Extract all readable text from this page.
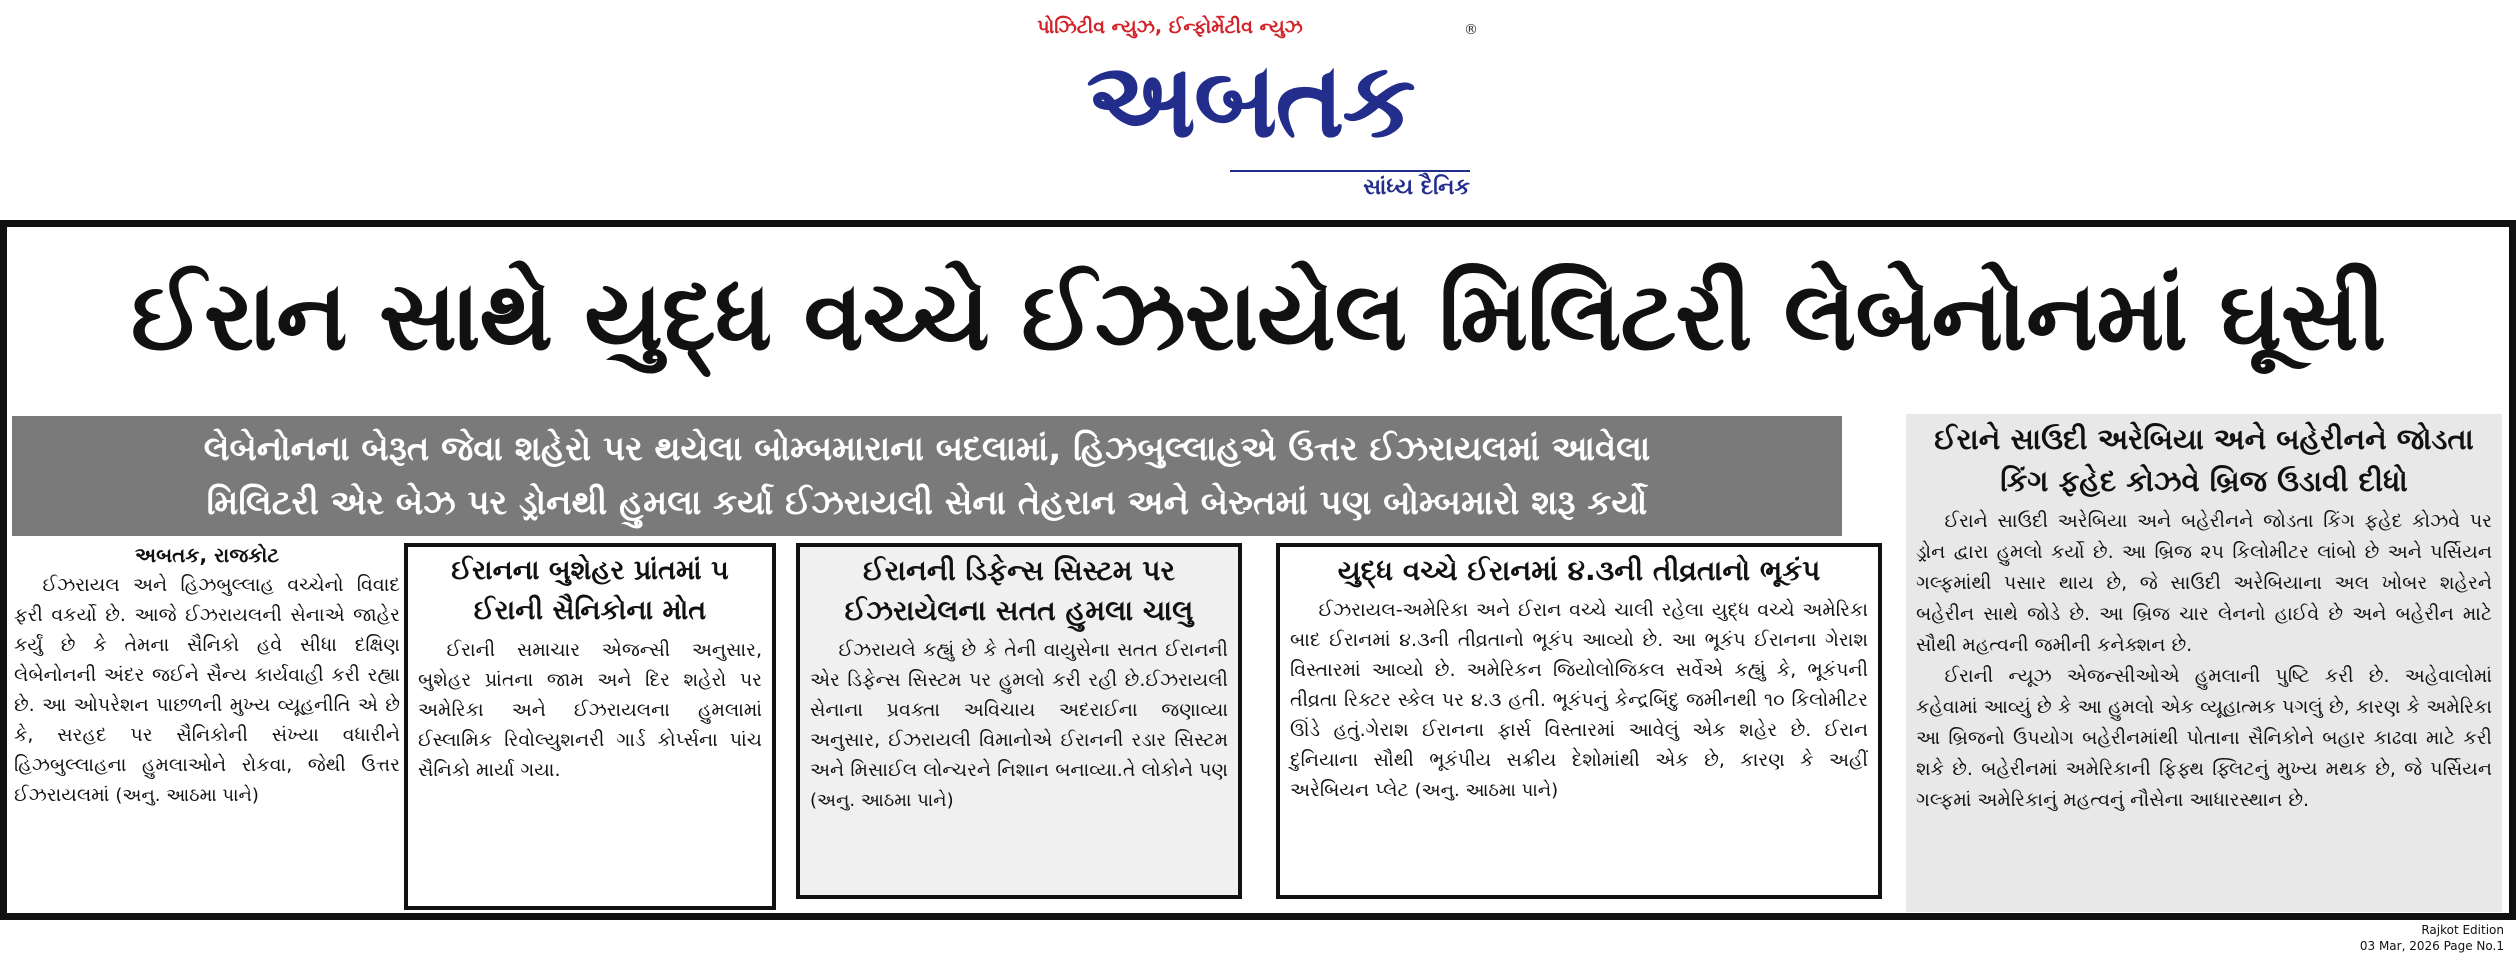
પોઝિટીવ ન્યુઝ, ઈન્ફોર્મેટીવ ન્યુઝ	®
અબતક
સાંધ્ય દૈનિક
ઈરાન સાથે યુદ્ધ વચ્ચે ઈઝરાયેલ મિલિટરી લેબેનોનમાં ઘૂસી
લેબેનોનના બેરૂત જેવા શહેરો પર થયેલા બોમ્બમારાના બદલામાં, હિઝબુલ્લાહએ ઉત્તર ઈઝરાયલમાં આવેલા
મિલિટરી એર બેઝ પર ડ્રોનથી હુમલા કર્યા ઈઝરાયલી સેના તેહરાન અને બેરુતમાં પણ બોમ્બમારો શરૂ કર્યો
અબતક, રાજકોટ

ઈઝરાયલ અને હિઝબુલ્લાહ વચ્ચેનો વિવાદ ફરી વકર્યો છે. આજે ઈઝરાયલની સેનાએ જાહેર કર્યું છે કે તેમના સૈનિકો હવે સીધા દક્ષિણ લેબેનોનની અંદર જઈને સૈન્ય કાર્યવાહી કરી રહ્યા છે. આ ઓપરેશન પાછળની મુખ્ય વ્યૂહનીતિ એ છે કે, સરહદ પર સૈનિકોની સંખ્યા વધારીને હિઝબુલ્લાહના હુમલાઓને રોકવા, જેથી ઉત્તર ઈઝરાયલમાં (અનુ. આઠમા પાને)

ઈરાનના બુશેહર પ્રાંતમાં ૫ ઈરાની સૈનિકોના મોત

ઈરાની સમાચાર એજન્સી અનુસાર, બુશેહર પ્રાંતના જામ અને દિર શહેરો પર અમેરિકા અને ઈઝરાયલના હુમલામાં ઈસ્લામિક રિવોલ્યુશનરી ગાર્ડ કોર્પ્સના પાંચ સૈનિકો માર્યા ગયા.

ઈરાનની ડિફેન્સ સિસ્ટમ પર ઈઝરાયેલના સતત હુમલા ચાલુ

ઈઝરાયલે કહ્યું છે કે તેની વાયુસેના સતત ઈરાનની એર ડિફેન્સ સિસ્ટમ પર હુમલો કરી રહી છે.ઈઝરાયલી સેનાના પ્રવક્તા અવિચાય અદરાઈના જણાવ્યા અનુસાર, ઈઝરાયલી વિમાનોએ ઈરાનની રડાર સિસ્ટમ અને મિસાઈલ લોન્ચરને નિશાન બનાવ્યા.તે લોકોને પણ (અનુ. આઠમા પાને)

યુદ્ધ વચ્ચે ઈરાનમાં ૪.૩ની તીવ્રતાનો ભૂકંપ

ઈઝરાયલ-અમેરિકા અને ઈરાન વચ્ચે ચાલી રહેલા યુદ્ધ વચ્ચે અમેરિકા બાદ ઈરાનમાં ૪.૩ની તીવ્રતાનો ભૂકંપ આવ્યો છે. આ ભૂકંપ ઈરાનના ગેરાશ વિસ્તારમાં આવ્યો છે. અમેરિકન જિયોલોજિકલ સર્વેએ કહ્યું કે, ભૂકંપની તીવ્રતા રિક્ટર સ્કેલ પર ૪.૩ હતી. ભૂકંપનું કેન્દ્રબિંદુ જમીનથી ૧૦ કિલોમીટર ઊંડે હતું.ગેરાશ ઈરાનના ફાર્સ વિસ્તારમાં આવેલું એક શહેર છે. ઈરાન દુનિયાના સૌથી ભૂકંપીય સક્રીય દેશોમાંથી એક છે, કારણ કે અહીં અરેબિયન પ્લેટ (અનુ. આઠમા પાને)

ઈરાને સાઉદી અરેબિયા અને બહેરીનને જોડતા કિંગ ફહેદ કોઝવે બ્રિજ ઉડાવી દીધો

ઈરાને સાઉદી અરેબિયા અને બહેરીનને જોડતા કિંગ ફહેદ કોઝવે પર ડ્રોન દ્વારા હુમલો કર્યો છે. આ બ્રિજ ૨૫ કિલોમીટર લાંબો છે અને પર્સિયન ગલ્ફમાંથી પસાર થાય છે, જે સાઉદી અરેબિયાના અલ ખોબર શહેરને બહેરીન સાથે જોડે છે. આ બ્રિજ ચાર લેનનો હાઈવે છે અને બહેરીન માટે સૌથી મહત્વની જમીની કનેક્શન છે.

ઈરાની ન્યૂઝ એજન્સીઓએ હુમલાની પુષ્ટિ કરી છે. અહેવાલોમાં કહેવામાં આવ્યું છે કે આ હુમલો એક વ્યૂહાત્મક પગલું છે, કારણ કે અમેરિકા આ બ્રિજનો ઉપયોગ બહેરીનમાંથી પોતાના સૈનિકોને બહાર કાઢવા માટે કરી શકે છે. બહેરીનમાં અમેરિકાની ફિફ્થ ફ્લિટનું મુખ્ય મથક છે, જે પર્સિયન ગલ્ફમાં અમેરિકાનું મહત્વનું નૌસેના આધારસ્થાન છે.

Rajkot Edition
03 Mar, 2026 Page No.1
